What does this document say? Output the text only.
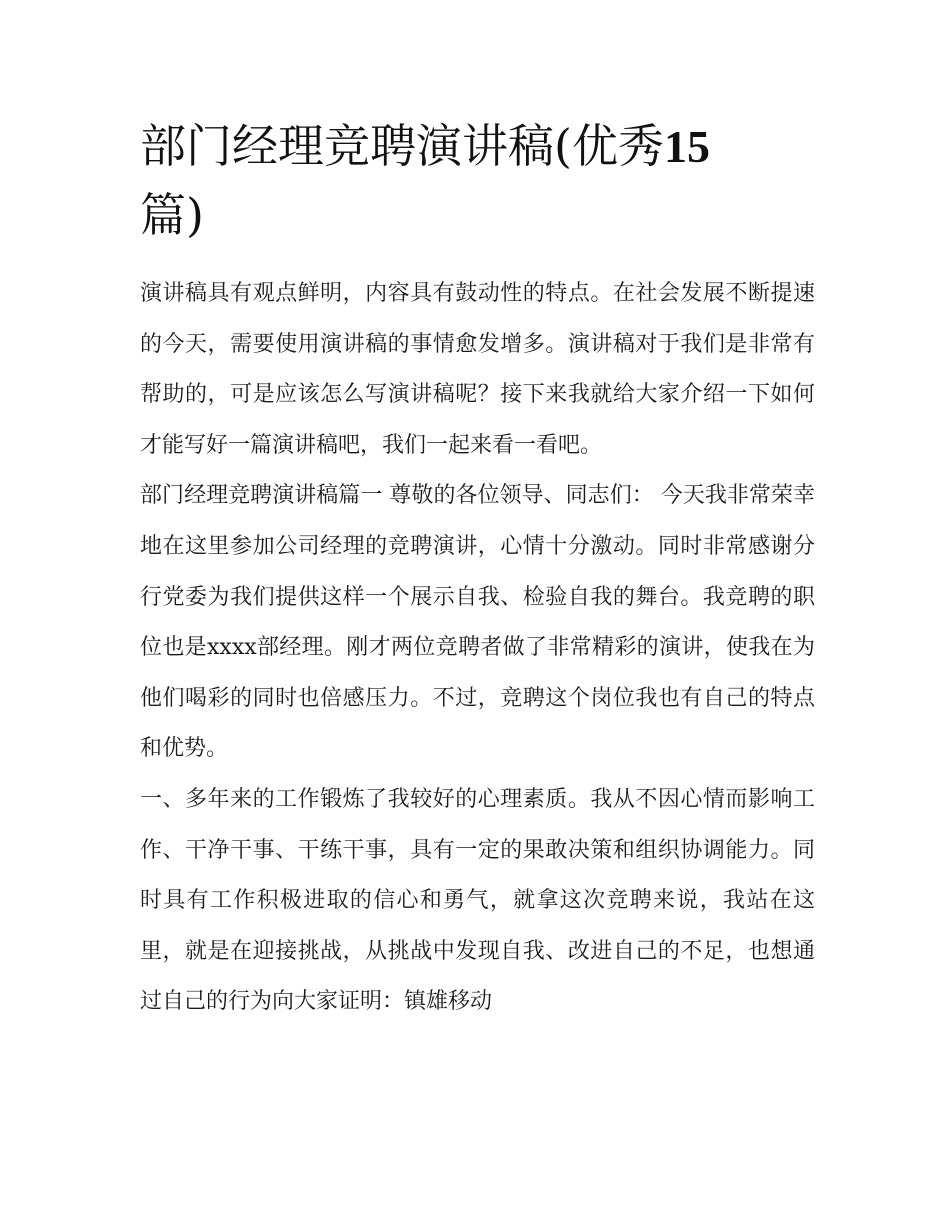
部门经理竞聘演讲稿(优秀15
篇)

演讲稿具有观点鲜明，内容具有鼓动性的特点。在社会发展不断提速的今天，需要使用演讲稿的事情愈发增多。演讲稿对于我们是非常有帮助的，可是应该怎么写演讲稿呢？接下来我就给大家介绍一下如何才能写好一篇演讲稿吧，我们一起来看一看吧。

部门经理竞聘演讲稿篇一 尊敬的各位领导、同志们： 今天我非常荣幸地在这里参加公司经理的竞聘演讲，心情十分激动。同时非常感谢分行党委为我们提供这样一个展示自我、检验自我的舞台。我竞聘的职位也是xxxx部经理。刚才两位竞聘者做了非常精彩的演讲，使我在为他们喝彩的同时也倍感压力。不过，竞聘这个岗位我也有自己的特点和优势。

一、多年来的工作锻炼了我较好的心理素质。我从不因心情而影响工作、干净干事、干练干事，具有一定的果敢决策和组织协调能力。同时具有工作积极进取的信心和勇气，就拿这次竞聘来说，我站在这里，就是在迎接挑战，从挑战中发现自我、改进自己的不足，也想通过自己的行为向大家证明：镇雄移动
